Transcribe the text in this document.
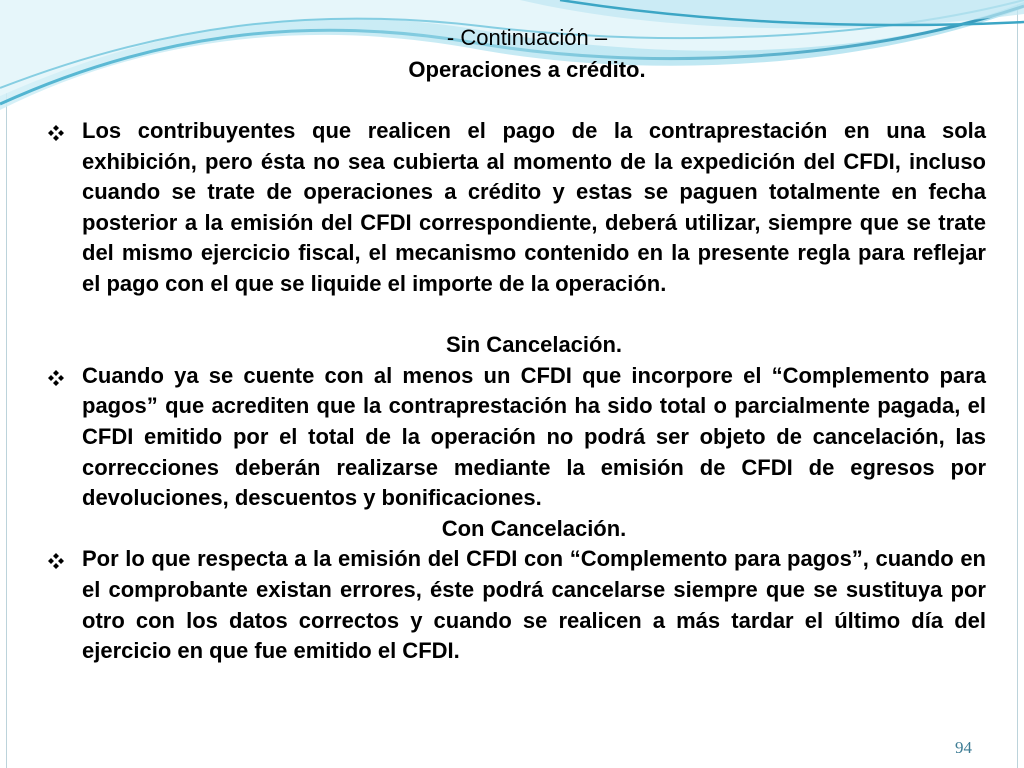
- Continuación –
Operaciones a crédito.
Los contribuyentes que realicen el pago de la contraprestación en una sola exhibición, pero ésta no sea cubierta al momento de la expedición del CFDI, incluso cuando se trate de operaciones a crédito y estas se paguen totalmente en fecha posterior a la emisión del CFDI correspondiente, deberá utilizar, siempre que se trate del mismo ejercicio fiscal, el mecanismo contenido en la presente regla para reflejar el pago con el que se liquide el importe de la operación.
Sin Cancelación.
Cuando ya se cuente con al menos un CFDI que incorpore el “Complemento para pagos” que acrediten que la contraprestación ha sido total o parcialmente pagada, el CFDI emitido por el total de la operación no podrá ser objeto de cancelación, las correcciones deberán realizarse mediante la emisión de CFDI de egresos por devoluciones, descuentos y bonificaciones.
Con Cancelación.
Por lo que respecta a la emisión del CFDI con “Complemento para pagos”, cuando en el comprobante existan errores, éste podrá cancelarse siempre que se sustituya por otro con los datos correctos y cuando se realicen a más tardar el último día del ejercicio en que fue emitido el CFDI.
94
